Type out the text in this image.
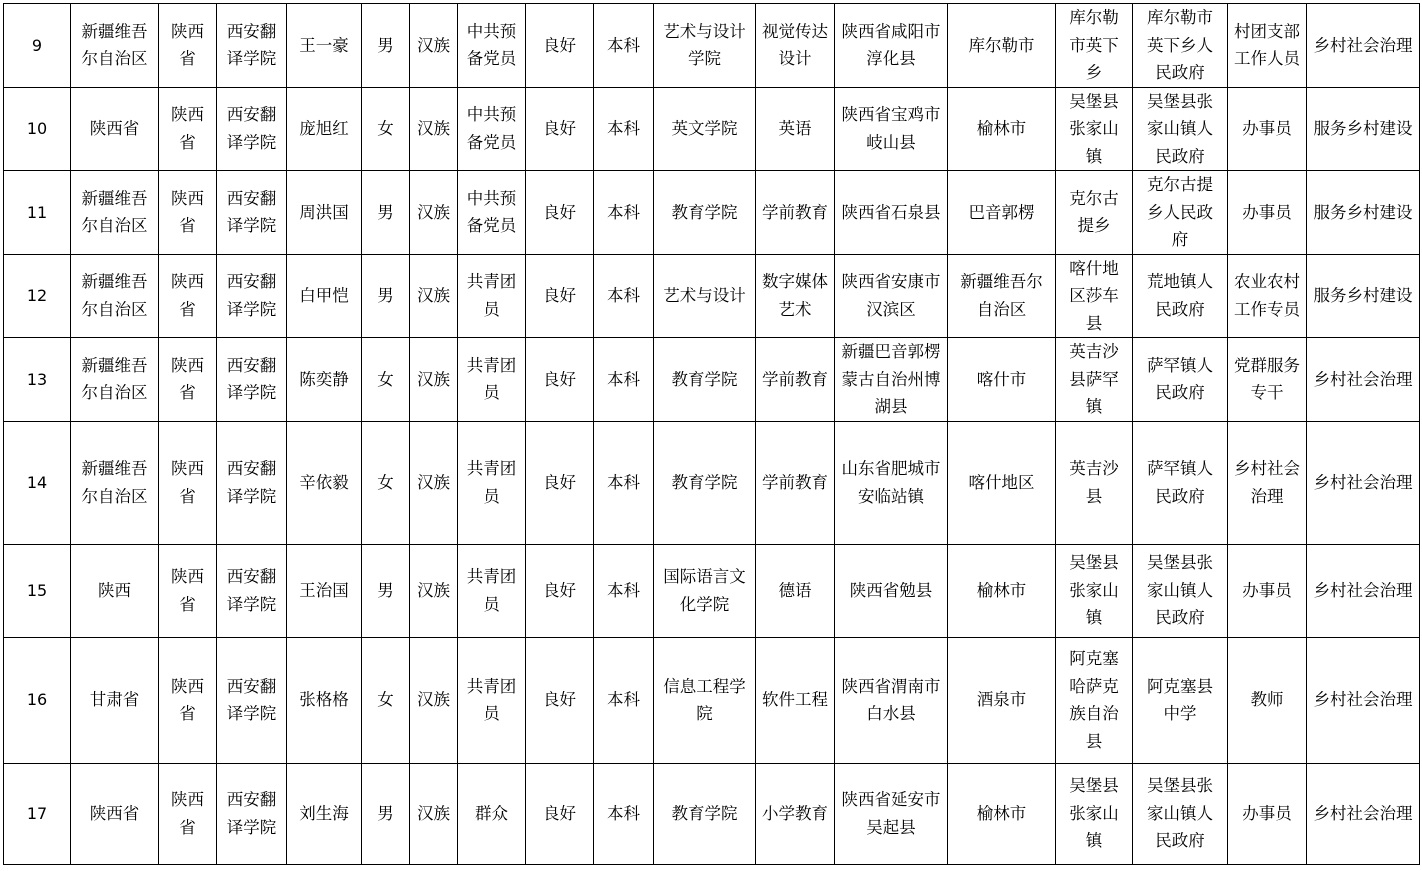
9	新疆维吾尔自治区	陕西省	西安翻译学院	王一豪	男	汉族	中共预备党员	良好	本科	艺术与设计学院	视觉传达设计	陕西省咸阳市淳化县	库尔勒市	库尔勒市英下乡	库尔勒市英下乡人民政府	村团支部工作人员	乡村社会治理
10	陕西省	陕西省	西安翻译学院	庞旭红	女	汉族	中共预备党员	良好	本科	英文学院	英语	陕西省宝鸡市岐山县	榆林市	吴堡县张家山镇	吴堡县张家山镇人民政府	办事员	服务乡村建设
11	新疆维吾尔自治区	陕西省	西安翻译学院	周洪国	男	汉族	中共预备党员	良好	本科	教育学院	学前教育	陕西省石泉县	巴音郭楞	克尔古提乡	克尔古提乡人民政府	办事员	服务乡村建设
12	新疆维吾尔自治区	陕西省	西安翻译学院	白甲恺	男	汉族	共青团员	良好	本科	艺术与设计	数字媒体艺术	陕西省安康市汉滨区	新疆维吾尔自治区	喀什地区莎车县	荒地镇人民政府	农业农村工作专员	服务乡村建设
13	新疆维吾尔自治区	陕西省	西安翻译学院	陈奕静	女	汉族	共青团员	良好	本科	教育学院	学前教育	新疆巴音郭楞蒙古自治州博湖县	喀什市	英吉沙县萨罕镇	萨罕镇人民政府	党群服务专干	乡村社会治理
14	新疆维吾尔自治区	陕西省	西安翻译学院	辛依毅	女	汉族	共青团员	良好	本科	教育学院	学前教育	山东省肥城市安临站镇	喀什地区	英吉沙县	萨罕镇人民政府	乡村社会治理	乡村社会治理
15	陕西	陕西省	西安翻译学院	王治国	男	汉族	共青团员	良好	本科	国际语言文化学院	德语	陕西省勉县	榆林市	吴堡县张家山镇	吴堡县张家山镇人民政府	办事员	乡村社会治理
16	甘肃省	陕西省	西安翻译学院	张格格	女	汉族	共青团员	良好	本科	信息工程学院	软件工程	陕西省渭南市白水县	酒泉市	阿克塞哈萨克族自治县	阿克塞县中学	教师	乡村社会治理
17	陕西省	陕西省	西安翻译学院	刘生海	男	汉族	群众	良好	本科	教育学院	小学教育	陕西省延安市吴起县	榆林市	吴堡县张家山镇	吴堡县张家山镇人民政府	办事员	乡村社会治理
